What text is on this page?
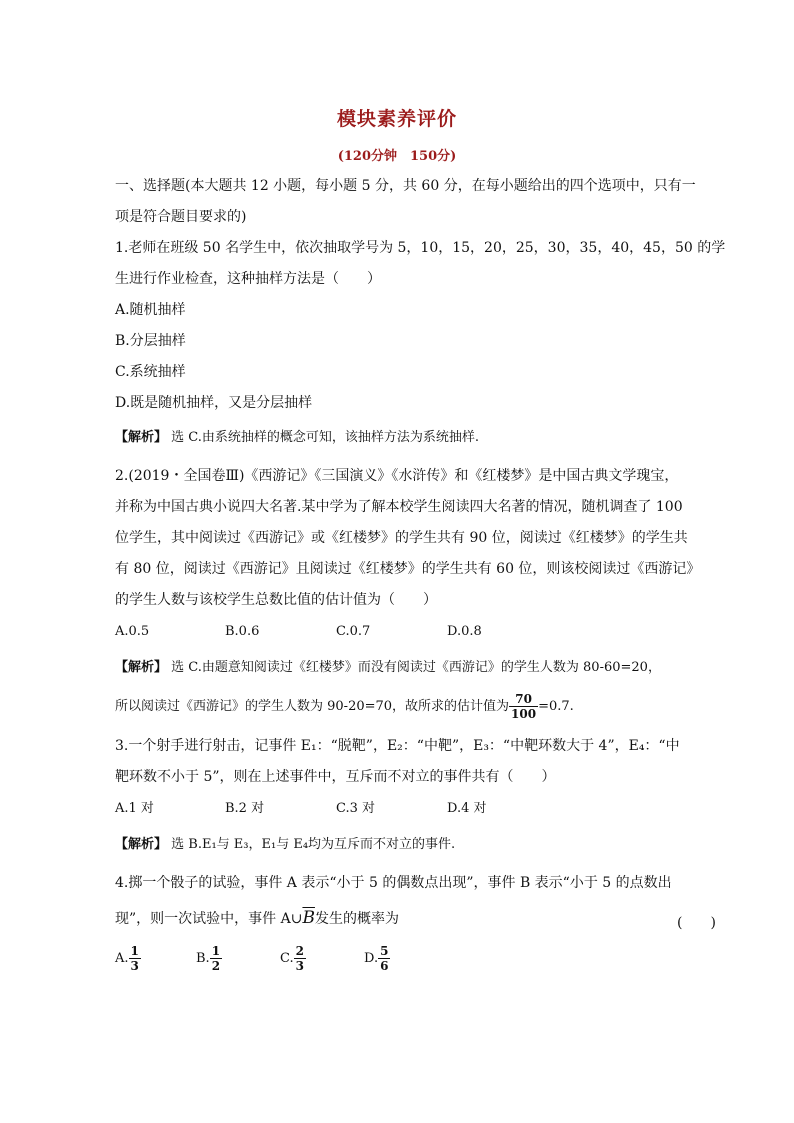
模块素养评价
(120分钟　150分)
一、选择题(本大题共 12 小题，每小题 5 分，共 60 分，在每小题给出的四个选项中，只有一
项是符合题目要求的)
1.老师在班级 50 名学生中，依次抽取学号为 5，10，15，20，25，30，35，40，45，50 的学
生进行作业检查，这种抽样方法是（　　）
A.随机抽样
B.分层抽样
C.系统抽样
D.既是随机抽样，又是分层抽样
【解析】 选 C.由系统抽样的概念可知，该抽样方法为系统抽样.
2.(2019・全国卷Ⅲ)《西游记》《三国演义》《水浒传》和《红楼梦》是中国古典文学瑰宝，
并称为中国古典小说四大名著.某中学为了解本校学生阅读四大名著的情况，随机调查了 100
位学生，其中阅读过《西游记》或《红楼梦》的学生共有 90 位，阅读过《红楼梦》的学生共
有 80 位，阅读过《西游记》且阅读过《红楼梦》的学生共有 60 位，则该校阅读过《西游记》
的学生人数与该校学生总数比值的估计值为（　　）
A.0.5	B.0.6	C.0.7	D.0.8
【解析】 选 C.由题意知阅读过《红楼梦》而没有阅读过《西游记》的学生人数为 80-60=20，
所以阅读过《西游记》的学生人数为 90-20=70，故所求的估计值为 $\frac{70}{100} =0.7$.
3.一个射手进行射击，记事件 E₁：“脱靶”，E₂：“中靶”，E₃：“中靶环数大于 4”，E₄：“中
靶环数不小于 5”，则在上述事件中，互斥而不对立的事件共有（　　）
A.1 对	B.2 对	C.3 对	D.4 对
【解析】 选 B.E₁与 E₃，E₁与 E₄均为互斥而不对立的事件.
4.掷一个骰子的试验，事件 A 表示“小于 5 的偶数点出现”，事件 B 表示“小于 5 的点数出
现”，则一次试验中，事件 $A\cup\overline{B}$发生的概率为	(　　)
A. $\frac{1}{3}$	B. $\frac{1}{2}$	C. $\frac{2}{3}$	D. $\frac{5}{6}$
